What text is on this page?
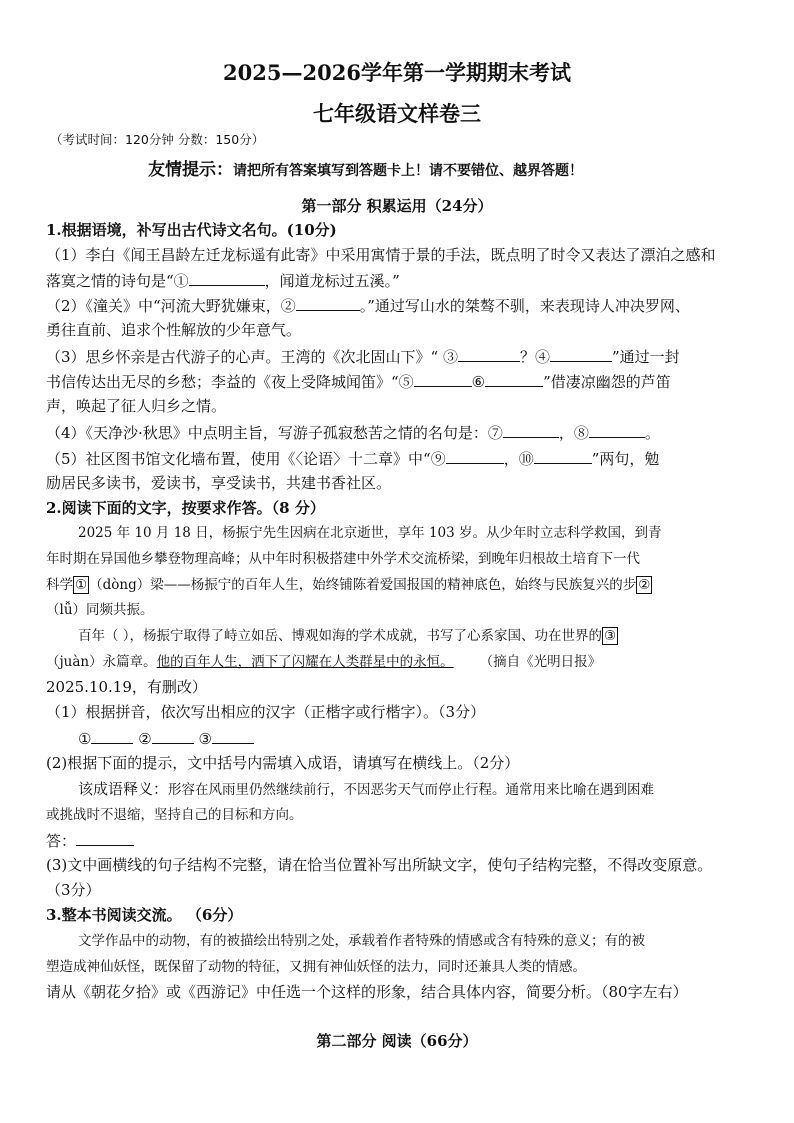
2025—2026学年第一学期期末考试
七年级语文样卷三
（考试时间：120分钟 分数：150分）
友情提示：请把所有答案填写到答题卡上！请不要错位、越界答题！
第一部分 积累运用（24分）
1.根据语境，补写出古代诗文名句。(10分)
（1）李白《闻王昌龄左迁龙标遥有此寄》中采用寓情于景的手法，既点明了时令又表达了漂泊之感和
落寞之情的诗句是“①	，闻道龙标过五溪。”
（2）《潼关》中“河流大野犹嫌束，②	。”通过写山水的桀骜不驯，来表现诗人冲决罗网、
勇往直前、追求个性解放的少年意气。
（3）思乡怀亲是古代游子的心声。王湾的《次北固山下》“ ③	？④	”通过一封
书信传达出无尽的乡愁；李益的《夜上受降城闻笛》“⑤	⑥	”借凄凉幽怨的芦笛
声，唤起了征人归乡之情。
（4）《天净沙·秋思》中点明主旨，写游子孤寂愁苦之情的名句是：⑦	，⑧	。
（5）社区图书馆文化墙布置，使用《〈论语〉十二章》中“⑨	，⑩	”两句，勉
励居民多读书，爱读书，享受读书，共建书香社区。
2.阅读下面的文字，按要求作答。（8 分）
2025 年 10 月 18 日，杨振宁先生因病在北京逝世，享年 103 岁。从少年时立志科学救国，到青
年时期在异国他乡攀登物理高峰；从中年时积极搭建中外学术交流桥梁，到晚年归根故土培育下一代
科学 ① （dòng）梁——杨振宁的百年人生，始终铺陈着爱国报国的精神底色，始终与民族复兴的步 ②
（lǚ）同频共振。
百年（ ），杨振宁取得了峙立如岳、博观如海的学术成就，书写了心系家国、功在世界的 ③
（juàn）永篇章。他的百年人生，洒下了闪耀在人类群星中的永恒。 （摘自《光明日报》
2025.10.19，有删改）
（1）根据拼音，依次写出相应的汉字（正楷字或行楷字）。（3分）
①	②	③
(2)根据下面的提示，文中括号内需填入成语，请填写在横线上。（2分）
该成语释义：形容在风雨里仍然继续前行，不因恶劣天气而停止行程。通常用来比喻在遇到困难
或挑战时不退缩，坚持自己的目标和方向。
答：
(3)文中画横线的句子结构不完整，请在恰当位置补写出所缺文字，使句子结构完整，不得改变原意。
（3分）
3.整本书阅读交流。 （6分）
文学作品中的动物，有的被描绘出特别之处，承载着作者特殊的情感或含有特殊的意义；有的被
塑造成神仙妖怪，既保留了动物的特征，又拥有神仙妖怪的法力，同时还兼具人类的情感。
请从《朝花夕拾》或《西游记》中任选一个这样的形象，结合具体内容，简要分析。（80字左右）
第二部分 阅读（66分）
